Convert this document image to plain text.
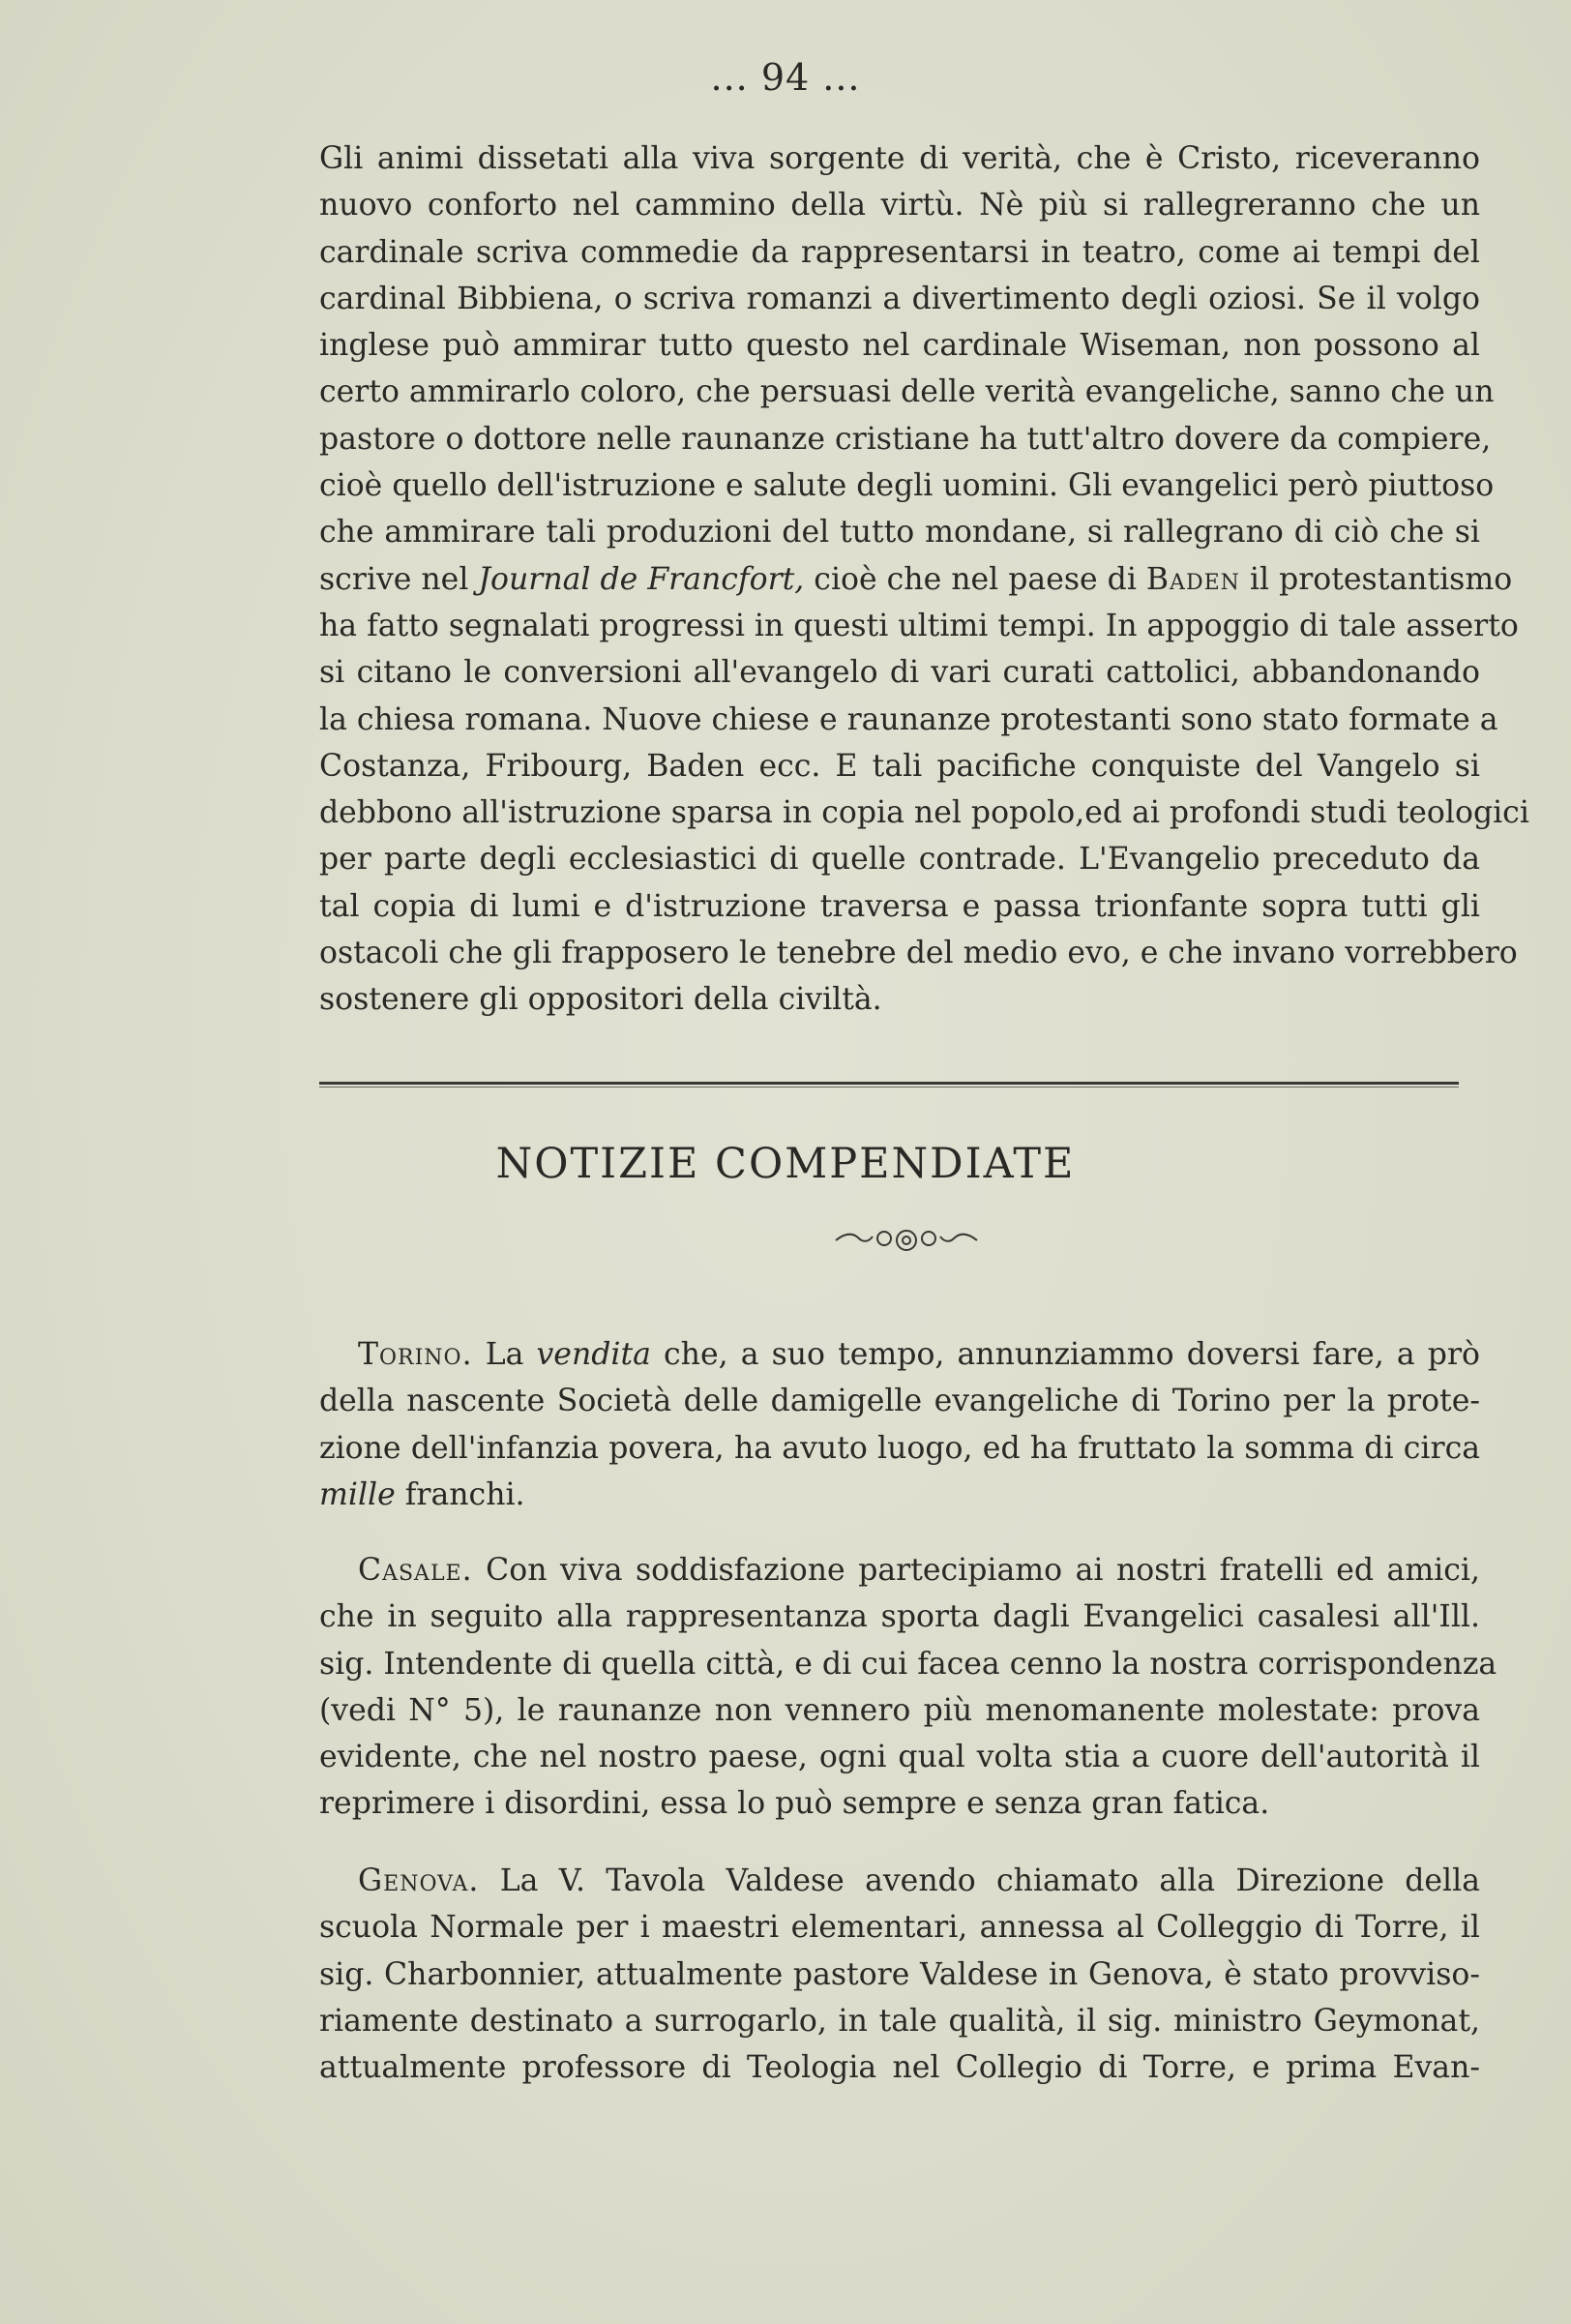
... 94 ...
Gli animi dissetati alla viva sorgente di verità, che è Cristo, riceveranno
nuovo conforto nel cammino della virtù. Nè più si rallegreranno che un
cardinale scriva commedie da rappresentarsi in teatro, come ai tempi del
cardinal Bibbiena, o scriva romanzi a divertimento degli oziosi. Se il volgo
inglese può ammirar tutto questo nel cardinale Wiseman, non possono al
certo ammirarlo coloro, che persuasi delle verità evangeliche, sanno che un
pastore o dottore nelle raunanze cristiane ha tutt'altro dovere da compiere,
cioè quello dell'istruzione e salute degli uomini. Gli evangelici però piuttoso
che ammirare tali produzioni del tutto mondane, si rallegrano di ciò che si
scrive nel Journal de Francfort, cioè che nel paese di Baden il protestantismo
ha fatto segnalati progressi in questi ultimi tempi. In appoggio di tale asserto
si citano le conversioni all'evangelo di vari curati cattolici, abbandonando
la chiesa romana. Nuove chiese e raunanze protestanti sono stato formate a
Costanza, Fribourg, Baden ecc. E tali pacifiche conquiste del Vangelo si
debbono all'istruzione sparsa in copia nel popolo,ed ai profondi studi teologici
per parte degli ecclesiastici di quelle contrade. L'Evangelio preceduto da
tal copia di lumi e d'istruzione traversa e passa trionfante sopra tutti gli
ostacoli che gli frapposero le tenebre del medio evo, e che invano vorrebbero
sostenere gli oppositori della civiltà.
NOTIZIE COMPENDIATE
Torino. La vendita che, a suo tempo, annunziammo doversi fare, a prò
della nascente Società delle damigelle evangeliche di Torino per la prote-
zione dell'infanzia povera, ha avuto luogo, ed ha fruttato la somma di circa
mille franchi.
Casale. Con viva soddisfazione partecipiamo ai nostri fratelli ed amici,
che in seguito alla rappresentanza sporta dagli Evangelici casalesi all'Ill.
sig. Intendente di quella città, e di cui facea cenno la nostra corrispondenza
(vedi N° 5), le raunanze non vennero più menomanente molestate: prova
evidente, che nel nostro paese, ogni qual volta stia a cuore dell'autorità il
reprimere i disordini, essa lo può sempre e senza gran fatica.
Genova. La V. Tavola Valdese avendo chiamato alla Direzione della
scuola Normale per i maestri elementari, annessa al Colleggio di Torre, il
sig. Charbonnier, attualmente pastore Valdese in Genova, è stato provviso-
riamente destinato a surrogarlo, in tale qualità, il sig. ministro Geymonat,
attualmente professore di Teologia nel Collegio di Torre, e prima Evan-
